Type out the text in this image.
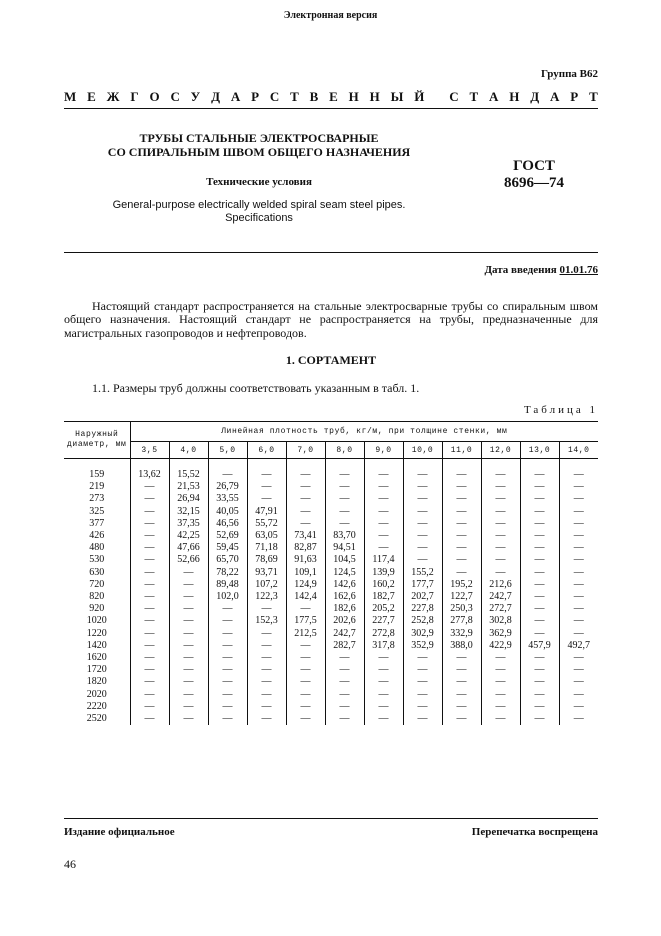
Электронная версия
Группа В62
М Е Ж Г О С У Д А Р С Т В Е Н Н Ы Й
С Т А Н Д А Р Т
ТРУБЫ СТАЛЬНЫЕ ЭЛЕКТРОСВАРНЫЕ
СО СПИРАЛЬНЫМ ШВОМ ОБЩЕГО НАЗНАЧЕНИЯ
ГОСТ
8696—74
Технические условия
General-purpose electrically welded spiral seam steel pipes.
Specifications
Дата введения 01.01.76
Настоящий стандарт распространяется на стальные электросварные трубы со спиральным швом общего назначения. Настоящий стандарт не распространяется на трубы, предназначенные для магистральных газопроводов и нефтепроводов.
1. СОРТАМЕНТ
1.1. Размеры труб должны соответствовать указанным в табл. 1.
Таблица 1
Наружный диаметр, мм	Линейная плотность труб, кг/м, при толщине стенки, мм											
	3,5	4,0	5,0	6,0	7,0	8,0	9,0	10,0	11,0	12,0	13,0	14,0
159	13,62	15,52	—	—	—	—	—	—	—	—	—	—
219	—	21,53	26,79	—	—	—	—	—	—	—	—	—
273	—	26,94	33,55	—	—	—	—	—	—	—	—	—
325	—	32,15	40,05	47,91	—	—	—	—	—	—	—	—
377	—	37,35	46,56	55,72	—	—	—	—	—	—	—	—
426	—	42,25	52,69	63,05	73,41	83,70	—	—	—	—	—	—
480	—	47,66	59,45	71,18	82,87	94,51	—	—	—	—	—	—
530	—	52,66	65,70	78,69	91,63	104,5	117,4	—	—	—	—	—
630	—	—	78,22	93,71	109,1	124,5	139,9	155,2	—	—	—	—
720	—	—	89,48	107,2	124,9	142,6	160,2	177,7	195,2	212,6	—	—
820	—	—	102,0	122,3	142,4	162,6	182,7	202,7	122,7	242,7	—	—
920	—	—	—	—	—	182,6	205,2	227,8	250,3	272,7	—	—
1020	—	—	—	152,3	177,5	202,6	227,7	252,8	277,8	302,8	—	—
1220	—	—	—	—	212,5	242,7	272,8	302,9	332,9	362,9	—	—
1420	—	—	—	—	—	282,7	317,8	352,9	388,0	422,9	457,9	492,7
1620	—	—	—	—	—	—	—	—	—	—	—	—
1720	—	—	—	—	—	—	—	—	—	—	—	—
1820	—	—	—	—	—	—	—	—	—	—	—	—
2020	—	—	—	—	—	—	—	—	—	—	—	—
2220	—	—	—	—	—	—	—	—	—	—	—	—
2520	—	—	—	—	—	—	—	—	—	—	—	—
Издание официальное	Перепечатка воспрещена
46
